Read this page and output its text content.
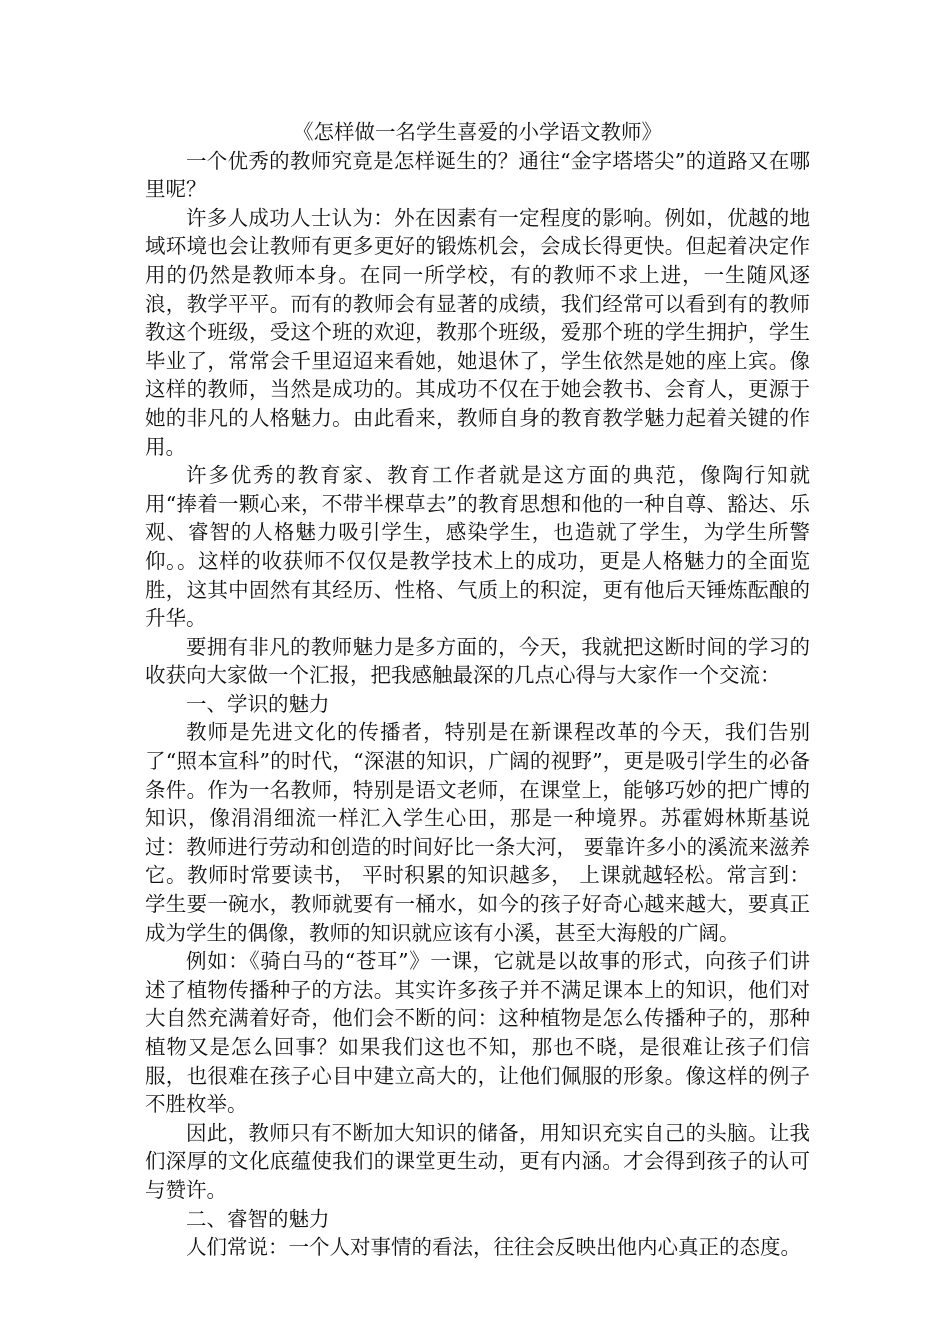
《怎样做一名学生喜爱的小学语文教师》

一个优秀的教师究竟是怎样诞生的？通往“金字塔塔尖”的道路又在哪里呢？

许多人成功人士认为：外在因素有一定程度的影响。例如，优越的地域环境也会让教师有更多更好的锻炼机会，会成长得更快。但起着决定作用的仍然是教师本身。在同一所学校，有的教师不求上进，一生随风逐浪，教学平平。而有的教师会有显著的成绩，我们经常可以看到有的教师教这个班级，受这个班的欢迎，教那个班级，爱那个班的学生拥护，学生毕业了，常常会千里迢迢来看她，她退休了，学生依然是她的座上宾。像这样的教师，当然是成功的。其成功不仅在于她会教书、会育人，更源于她的非凡的人格魅力。由此看来，教师自身的教育教学魅力起着关键的作用。

许多优秀的教育家、教育工作者就是这方面的典范，像陶行知就用“捧着一颗心来，不带半棵草去”的教育思想和他的一种自尊、豁达、乐观、睿智的人格魅力吸引学生，感染学生，也造就了学生，为学生所警仰。。这样的收获师不仅仅是教学技术上的成功，更是人格魅力的全面览胜，这其中固然有其经历、性格、气质上的积淀，更有他后天锤炼酝酿的升华。

要拥有非凡的教师魅力是多方面的，今天，我就把这断时间的学习的收获向大家做一个汇报，把我感触最深的几点心得与大家作一个交流：

一、学识的魅力

教师是先进文化的传播者，特别是在新课程改革的今天，我们告别了“照本宣科”的时代，“深湛的知识，广阔的视野”，更是吸引学生的必备条件。作为一名教师，特别是语文老师，在课堂上，能够巧妙的把广博的知识，像涓涓细流一样汇入学生心田，那是一种境界。苏霍姆林斯基说过：教师进行劳动和创造的时间好比一条大河， 要靠许多小的溪流来滋养它。教师时常要读书， 平时积累的知识越多， 上课就越轻松。常言到：学生要一碗水，教师就要有一桶水，如今的孩子好奇心越来越大，要真正成为学生的偶像，教师的知识就应该有小溪，甚至大海般的广阔。

例如：《骑白马的“苍耳”》一课，它就是以故事的形式，向孩子们讲述了植物传播种子的方法。其实许多孩子并不满足课本上的知识，他们对大自然充满着好奇，他们会不断的问：这种植物是怎么传播种子的，那种植物又是怎么回事？如果我们这也不知，那也不晓，是很难让孩子们信服，也很难在孩子心目中建立高大的，让他们佩服的形象。像这样的例子不胜枚举。

因此，教师只有不断加大知识的储备，用知识充实自己的头脑。让我们深厚的文化底蕴使我们的课堂更生动，更有内涵。才会得到孩子的认可与赞许。

二、睿智的魅力

人们常说：一个人对事情的看法，往往会反映出他内心真正的态度。
